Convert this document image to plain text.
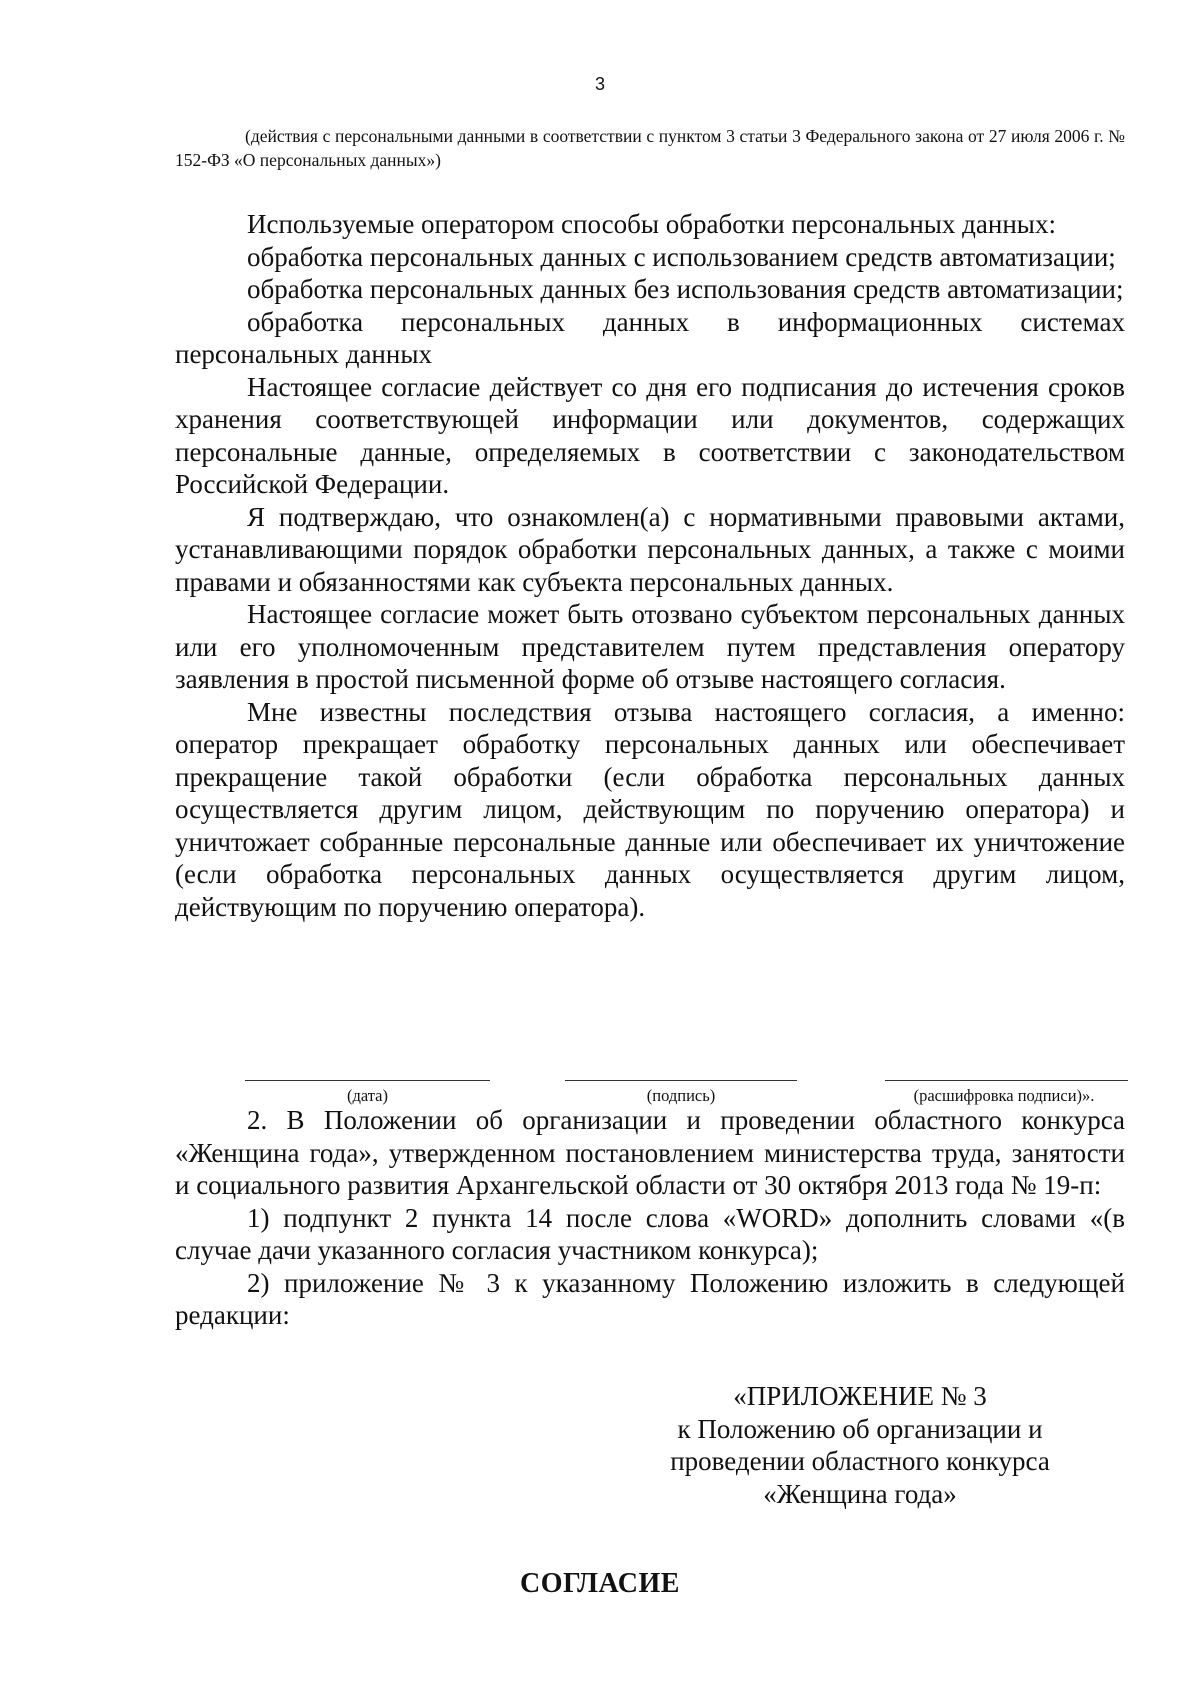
3
(действия с персональными данными в соответствии с пунктом 3 статьи 3 Федерального закона от 27 июля 2006 г. № 152-ФЗ «О персональных данных»)

Используемые оператором способы обработки персональных данных:

обработка персональных данных с использованием средств автоматизации;

обработка персональных данных без использования средств автоматизации;

обработка персональных данных в информационных системах персональных данных

Настоящее согласие действует со дня его подписания до истечения сроков хранения соответствующей информации или документов, содержащих персональные данные, определяемых в соответствии с законодательством Российской Федерации.

Я подтверждаю, что ознакомлен(а) с нормативными правовыми актами, устанавливающими порядок обработки персональных данных, а также с моими правами и обязанностями как субъекта персональных данных.

Настоящее согласие может быть отозвано субъектом персональных данных или его уполномоченным представителем путем представления оператору заявления в простой письменной форме об отзыве настоящего согласия.

Мне известны последствия отзыва настоящего согласия, а именно: оператор прекращает обработку персональных данных или обеспечивает прекращение такой обработки (если обработка персональных данных осуществляется другим лицом, действующим по поручению оператора) и уничтожает собранные персональные данные или обеспечивает их уничтожение (если обработка персональных данных осуществляется другим лицом, действующим по поручению оператора).

(дата)	(подпись)	(расшифровка подписи)».

2. В Положении об организации и проведении областного конкурса «Женщина года», утвержденном постановлением министерства труда, занятости и социального развития Архангельской области от 30 октября 2013 года № 19-п:

1) подпункт 2 пункта 14 после слова «WORD» дополнить словами «(в случае дачи указанного согласия участником конкурса);

2) приложение № 3 к указанному Положению изложить в следующей редакции:

«ПРИЛОЖЕНИЕ № 3
к Положению об организации и
проведении областного конкурса
«Женщина года»
СОГЛАСИЕ
